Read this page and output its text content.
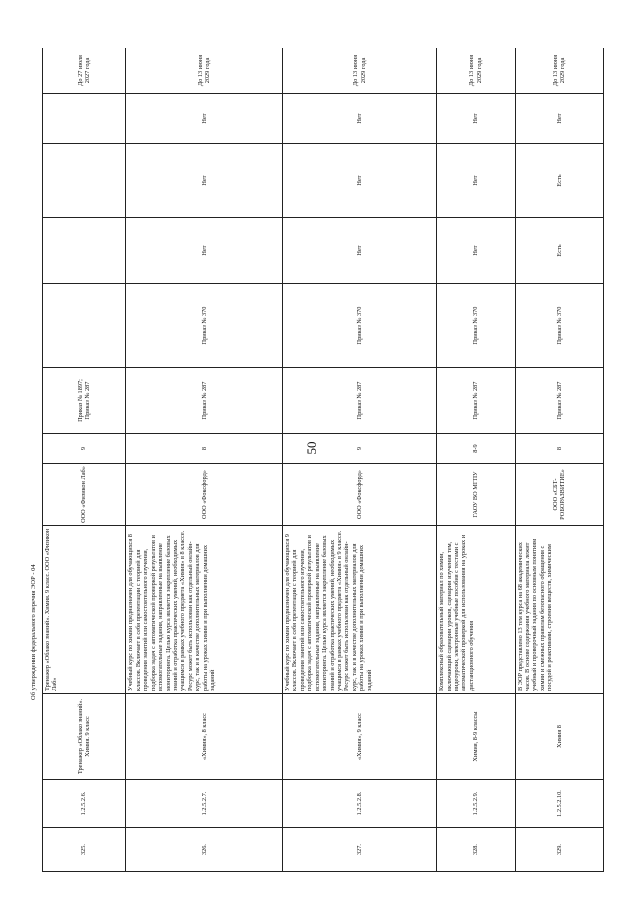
50
Об утверждении федерального перечня ЭОР - 04
325.	1.2.5.2.6.	Тренажер «Облако знаний». Химия. 9 класс	Тренажер «Облако знаний». Химия. 9 класс. ООО «Физикон Лаб»	ООО «Физикон Лаб»	9	Приказ № 1897; Приказ № 287					До 27 июля 2027 года
326.	1.2.5.2.7.	«Химия», 8 класс	Учебный курс по химии предназначен для обучающихся 8 классов. Включает в себя презентации с теорией для проведения занятий или самостоятельного изучения, подборка задач с автоматической проверкой результатов и вспомогательные задания, направленные на выявление мониторинга. Целью курса является закрепление базовых знаний и отработка практических умений, необходимых учащимся в рамках учебного предмета «Химия» в 8 классе. Ресурс может быть использован как отдельный онлайн-курс, так и в качестве дополнительных материалов для работы на уроках химии и при выполнении домашних заданий	ООО «Фоксфорд»	8	Приказ № 287	Приказ № 370	Нет	Нет	Нет	До 13 июня 2029 года
327.	1.2.5.2.8.	«Химия», 9 класс	Учебный курс по химии предназначен для обучающихся 9 классов. Включает в себя презентации с теорией для проведения занятий или самостоятельного изучения, подборка задач с автоматической проверкой результатов и вспомогательные задания, направленные на выявление мониторинга. Целью курса является закрепление базовых знаний и отработка практических умений, необходимых учащимся в рамках учебного предмета «Химия» в 9 классе. Ресурс может быть использован как отдельный онлайн-курс, так и в качестве дополнительных материалов для работы на уроках химии и при выполнении домашних заданий	ООО «Фоксфорд»	9	Приказ № 287	Приказ № 370	Нет	Нет	Нет	До 13 июня 2029 года
328.	1.2.5.2.9.	Химия, 8-9 классы	Комплексный образовательный материал по химии, включающий сценарии уроков, сценарии изучения тем, видеоуроки, электронные учебные пособия с тестами с автоматической проверкой для использования на уроках и дистанционного обучения	ГАОУ ВО МГПУ	8-9	Приказ № 287	Приказ № 370	Нет	Нет	Нет	До 13 июня 2029 года
329.	1.2.5.2.10.	Химия 8	В ЭОР представлено 13 тем курса на 68 академических часов. В основе содержания учебного материала лежит учебный и проверочный задания по основным понятиям химии и смежных правилам безопасного обращения с посудой и реактивами, строения веществ, химическим	ООО «СБТ-РОБОРАЗВИТИЕ»	8	Приказ № 287	Приказ № 370	Есть	Есть	Нет	До 13 июня 2029 года
